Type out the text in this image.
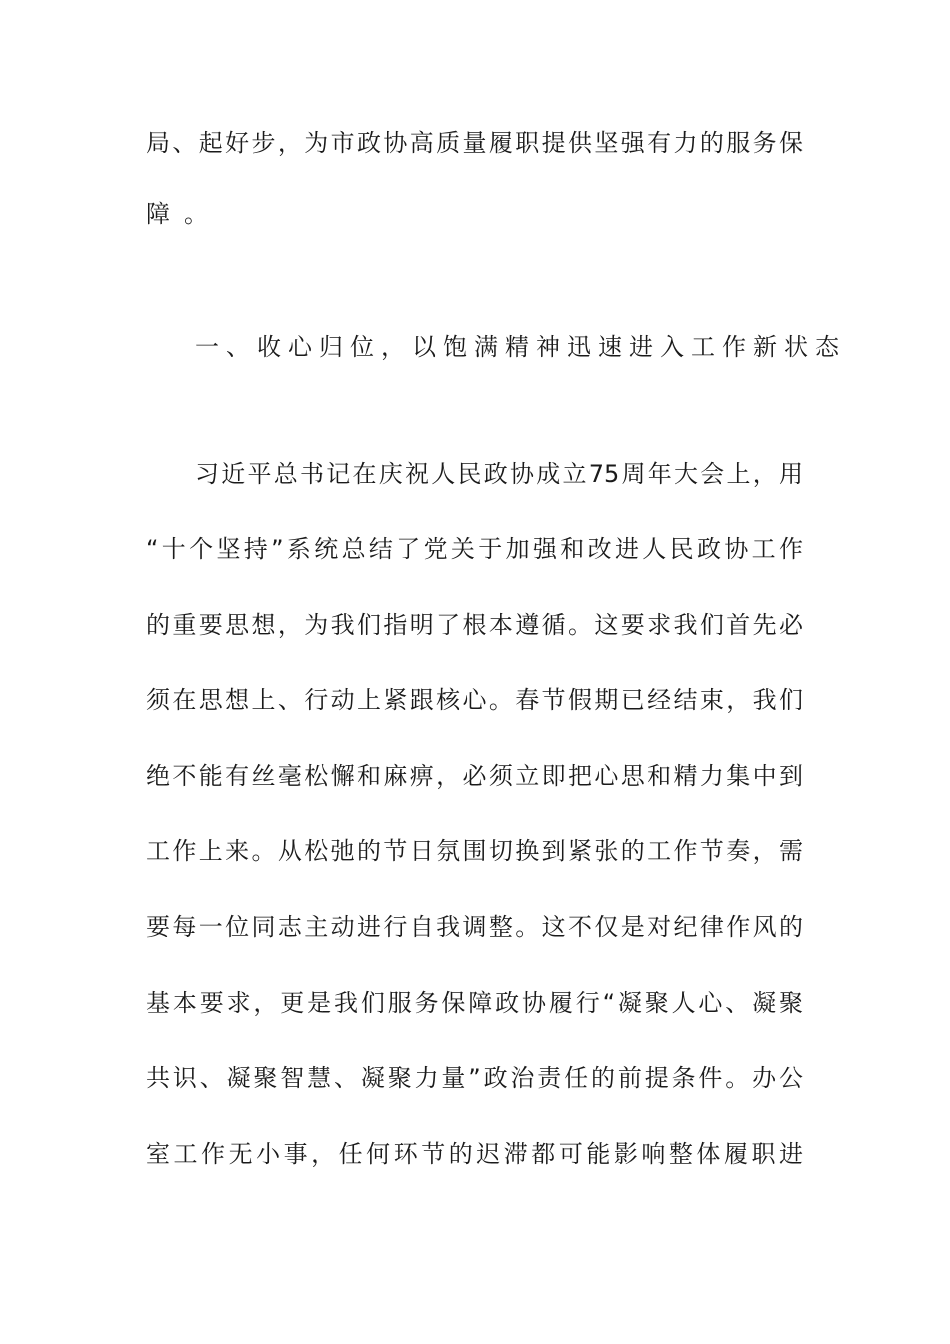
局、起好步，为市政协高质量履职提供坚强有力的服务保
障。
一、收心归位，以饱满精神迅速进入工作新状态
习近平总书记在庆祝人民政协成立75周年大会上，用
“十个坚持”系统总结了党关于加强和改进人民政协工作
的重要思想，为我们指明了根本遵循。这要求我们首先必
须在思想上、行动上紧跟核心。春节假期已经结束，我们
绝不能有丝毫松懈和麻痹，必须立即把心思和精力集中到
工作上来。从松弛的节日氛围切换到紧张的工作节奏，需
要每一位同志主动进行自我调整。这不仅是对纪律作风的
基本要求，更是我们服务保障政协履行“凝聚人心、凝聚
共识、凝聚智慧、凝聚力量”政治责任的前提条件。办公
室工作无小事，任何环节的迟滞都可能影响整体履职进
